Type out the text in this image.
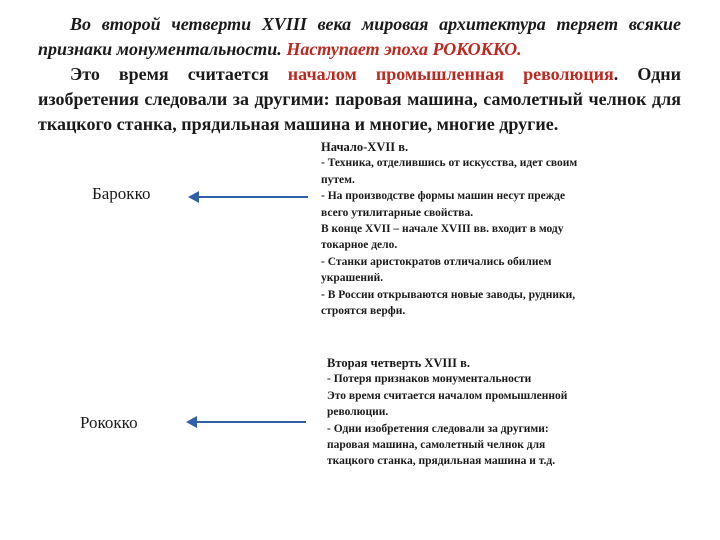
Во второй четверти XVIII века мировая архитектура теряет всякие признаки монументальности. Наступает эпоха РОКОККО.
Это время считается началом промышленная революция. Одни изобретения следовали за другими: паровая машина, самолетный челнок для ткацкого станка, прядильная машина и многие, многие другие.
Барокко
Рококко
Начало-XVII в.
- Техника, отделившись от искусства, идет своим
путем.
- На производстве формы машин несут прежде
всего утилитарные свойства.
В конце XVII – начале XVIII вв. входит в моду
токарное дело.
- Станки аристократов отличались обилием
украшений.
- В России открываются новые заводы, рудники,
строятся верфи.
Вторая четверть XVIII в.
- Потеря признаков монументальности
Это время считается началом промышленной
революции.
- Одни изобретения следовали за другими:
паровая машина, самолетный челнок для
ткацкого станка, прядильная машина и т.д.
